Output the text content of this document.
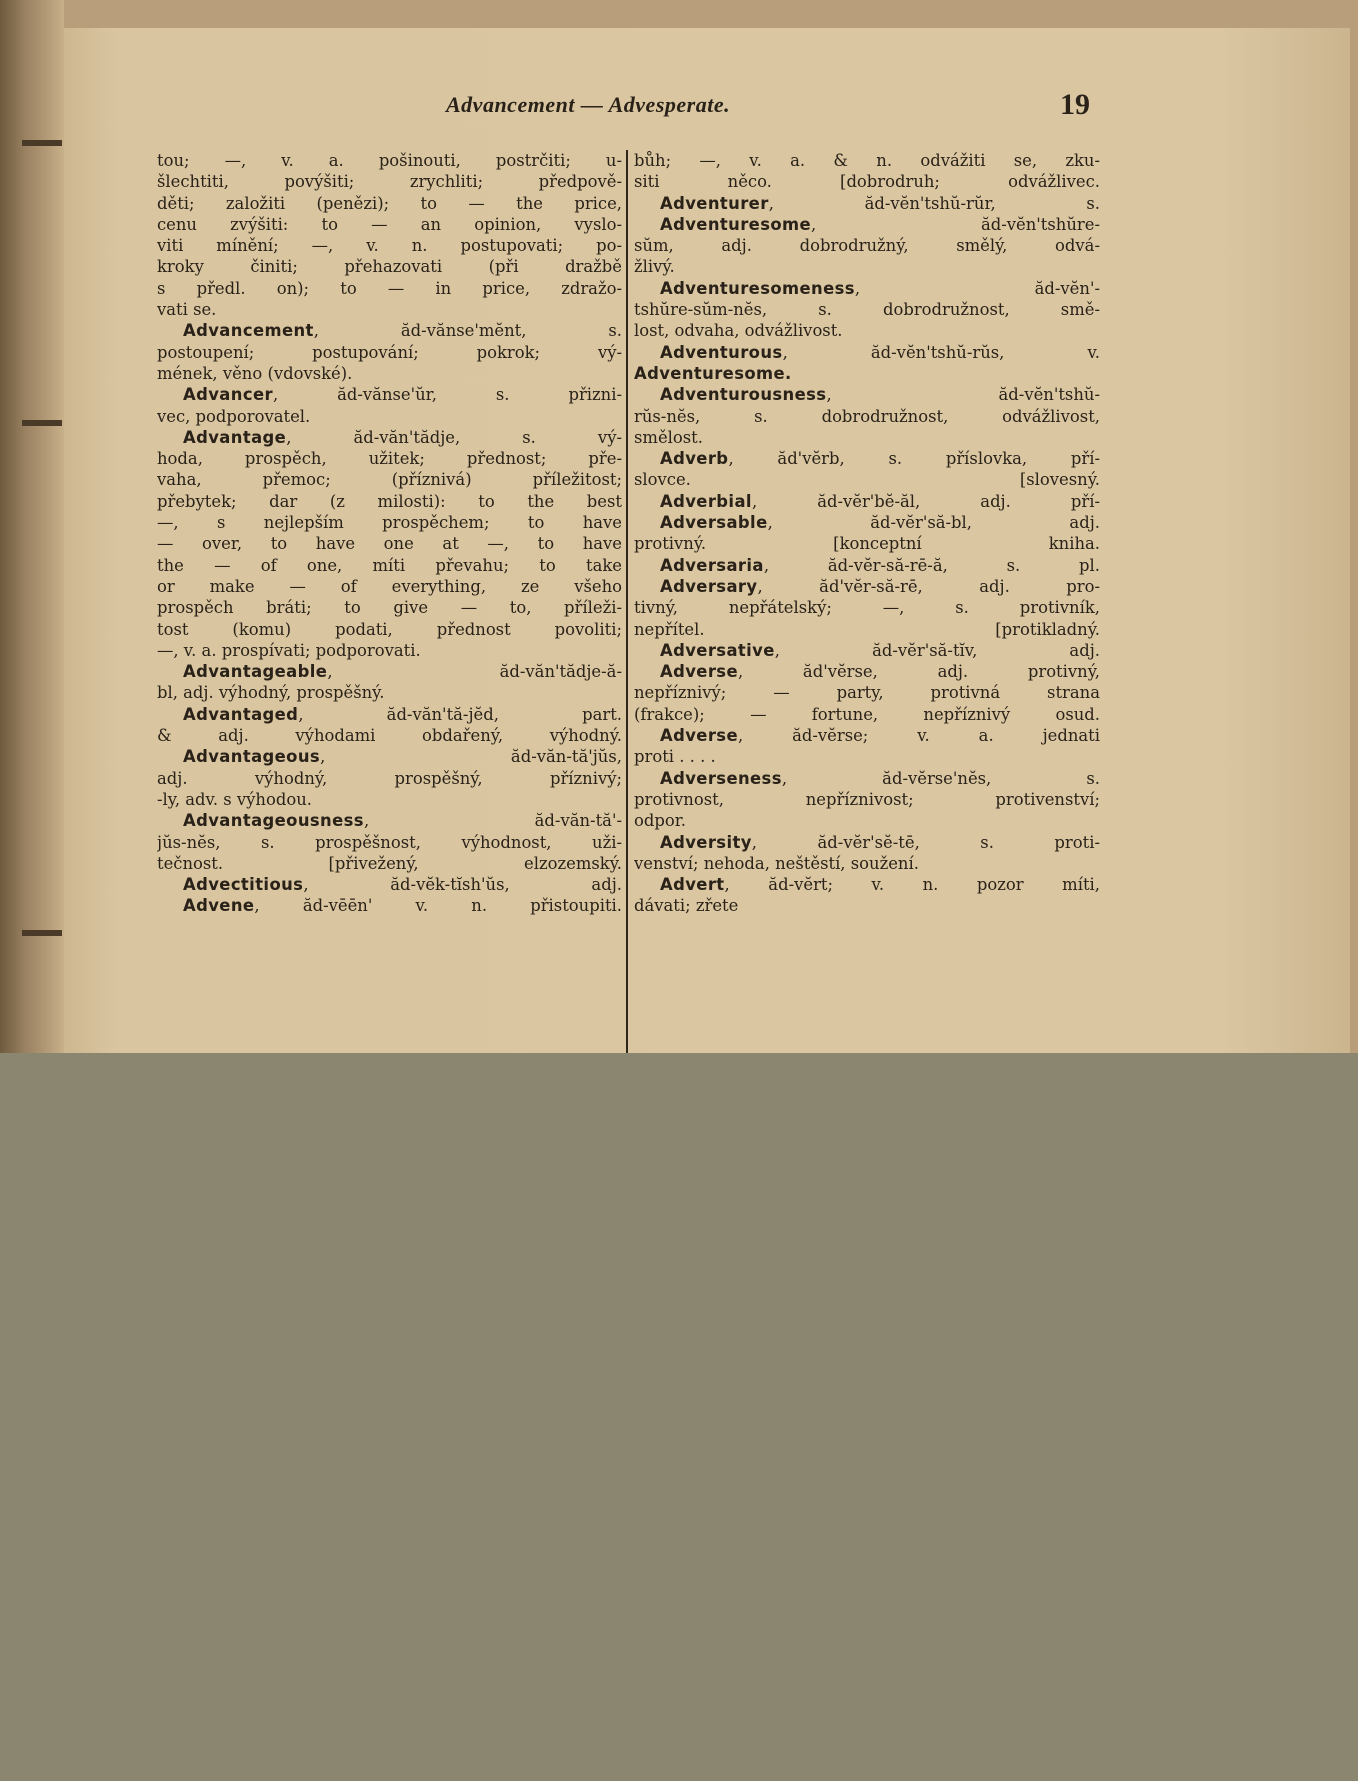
Advancement — Advesperate.	19
tou; —, v. a. pošinouti, postrčiti; u-
šlechtiti, povýšiti; zrychliti; předpově-
děti; založiti (penězi); to — the price,
cenu zvýšiti: to — an opinion, vyslo-
viti mínění; —, v. n. postupovati; po-
kroky činiti; přehazovati (při dražbě
s předl. on); to — in price, zdražo-
vati se.
Advancement, ăd-vănse'mĕnt, s.
postoupení; postupování; pokrok; vý-
mének, věno (vdovské).
Advancer, ăd-vănse'ŭr, s. přizni-
vec, podporovatel.
Advantage, ăd-văn'tădje, s. vý-
hoda, prospěch, užitek; přednost; pře-
vaha, přemoc; (příznivá) příležitost;
přebytek; dar (z milosti): to the best
—, s nejlepším prospěchem; to have
— over, to have one at —, to have
the — of one, míti převahu; to take
or make — of everything, ze všeho
prospěch bráti; to give — to, příleži-
tost (komu) podati, přednost povoliti;
—, v. a. prospívati; podporovati.
Advantageable, ăd-văn'tădje-ă-
bl, adj. výhodný, prospěšný.
Advantaged, ăd-văn'tă-jĕd, part.
& adj. výhodami obdařený, výhodný.
Advantageous, ăd-văn-tă'jŭs,
adj. výhodný, prospěšný, příznivý;
-ly, adv. s výhodou.
Advantageousness, ăd-văn-tă'-
jŭs-nĕs, s. prospěšnost, výhodnost, uži-
tečnost. [přivežený, elzozemský.
Advectitious, ăd-vĕk-tĭsh'ŭs, adj.
Advene, ăd-vēēn' v. n. přistoupiti.
bůh; —, v. a. & n. odvážiti se, zku-
siti něco. [dobrodruh; odvážlivec.
Adventurer, ăd-vĕn'tshŭ-rŭr, s.
Adventuresome, ăd-vĕn'tshŭre-
sŭm, adj. dobrodružný, smělý, odvá-
žlivý.
Adventuresomeness, ăd-vĕn'-
tshŭre-sŭm-nĕs, s. dobrodružnost, smě-
lost, odvaha, odvážlivost.
Adventurous, ăd-vĕn'tshŭ-rŭs, v.
Adventuresome.
Adventurousness, ăd-vĕn'tshŭ-
rŭs-nĕs, s. dobrodružnost, odvážlivost,
smělost.
Adverb, ăd'vĕrb, s. příslovka, pří-
slovce. [slovesný.
Adverbial, ăd-vĕr'bĕ-ăl, adj. pří-
Adversable, ăd-vĕr'să-bl, adj.
protivný. [konceptní kniha.
Adversaria, ăd-vĕr-să-rē-ă, s. pl.
Adversary, ăd'vĕr-să-rē, adj. pro-
tivný, nepřátelský; —, s. protivník,
nepřítel. [protikladný.
Adversative, ăd-vĕr'să-tĭv, adj.
Adverse, ăd'vĕrse, adj. protivný,
nepříznivý; — party, protivná strana
(frakce); — fortune, nepříznivý osud.
Adverse, ăd-vĕrse; v. a. jednati
proti . . . .
Adverseness, ăd-vĕrse'nĕs, s.
protivnost, nepříznivost; protivenství;
odpor.
Adversity, ăd-vĕr'sĕ-tē, s. proti-
venství; nehoda, neštěstí, soužení.
Advert, ăd-vĕrt; v. n. pozor míti,
dávati; zřete
